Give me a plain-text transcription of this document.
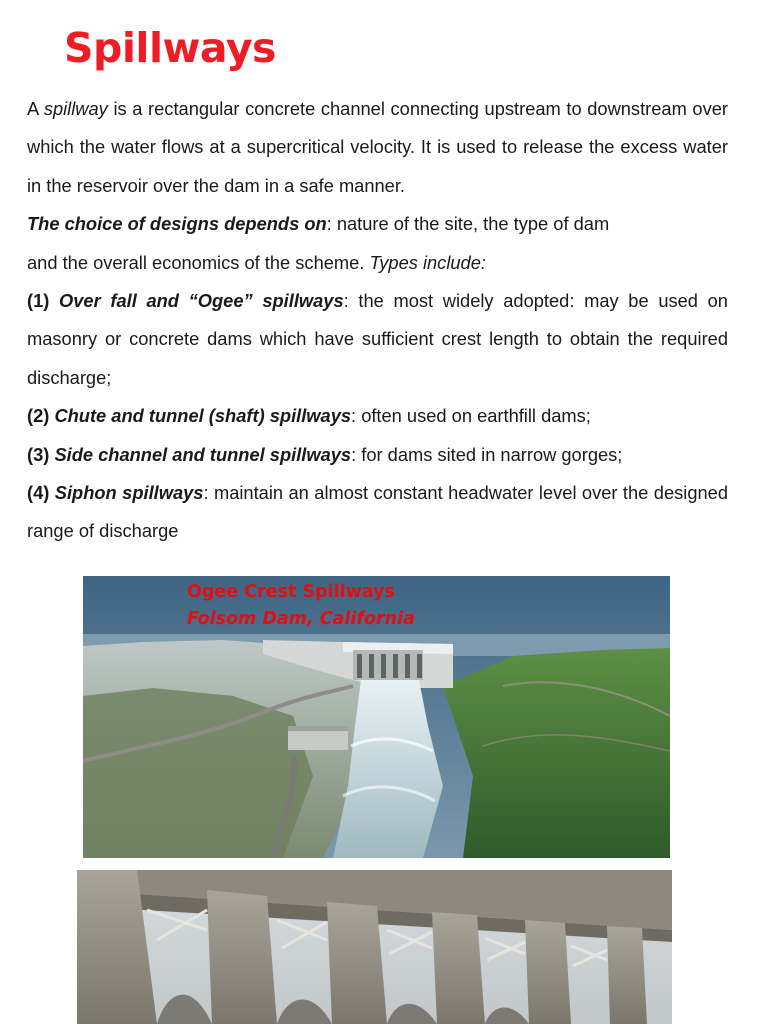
Spillways

A spillway is a rectangular concrete channel connecting upstream to downstream over which the water flows at a supercritical velocity. It is used to release the excess water in the reservoir over the dam in a safe manner.

The choice of designs depends on: nature of the site, the type of dam

and the overall economics of the scheme. Types include:

(1) Over fall and “Ogee” spillways: the most widely adopted: may be used on masonry or concrete dams which have sufficient crest length to obtain the required discharge;

(2) Chute and tunnel (shaft) spillways: often used on earthfill dams;

(3) Side channel and tunnel spillways: for dams sited in narrow gorges;

(4) Siphon spillways: maintain an almost constant headwater level over the designed range of discharge

Ogee Crest Spillways
Folsom Dam, California
